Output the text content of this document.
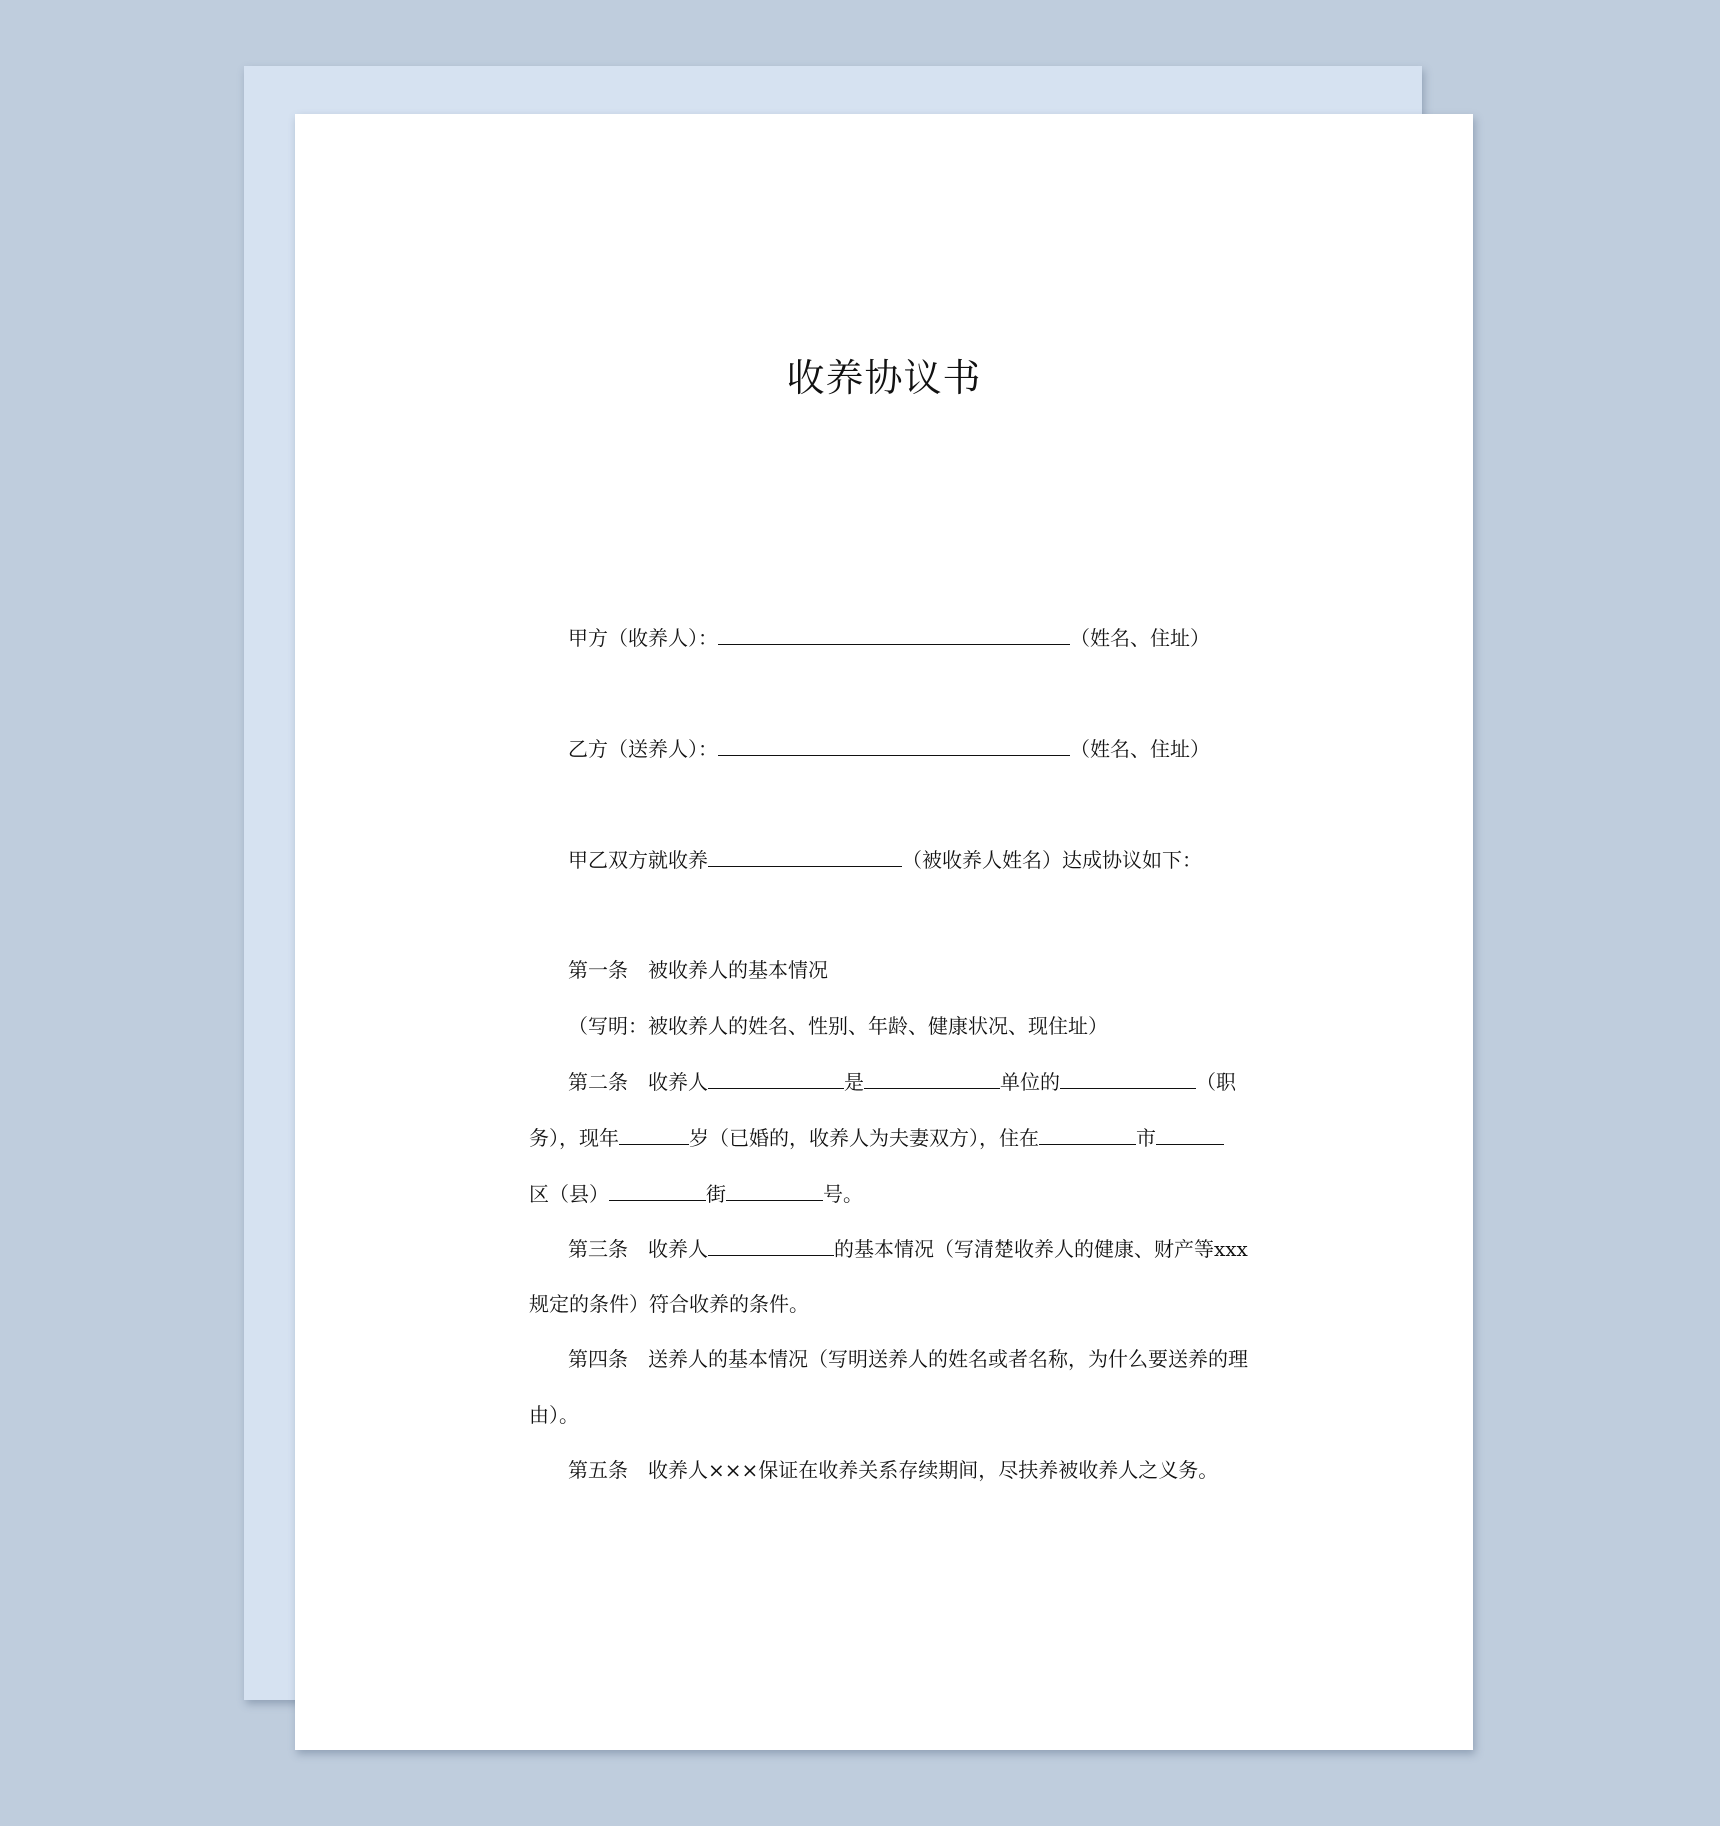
收养协议书
甲方（收养人）：	（姓名、住址）
乙方（送养人）：	（姓名、住址）
甲乙双方就收养	（被收养人姓名）达成协议如下：
第一条 被收养人的基本情况
（写明：被收养人的姓名、性别、年龄、健康状况、现住址）
第二条 收养人	是	单位的	（职
务），现年	岁（已婚的，收养人为夫妻双方），住在	市
区（县）	街	号。
第三条 收养人	的基本情况（写清楚收养人的健康、财产等xxx
规定的条件）符合收养的条件。
第四条 送养人的基本情况（写明送养人的姓名或者名称，为什么要送养的理
由）。
第五条 收养人×××保证在收养关系存续期间，尽扶养被收养人之义务。
